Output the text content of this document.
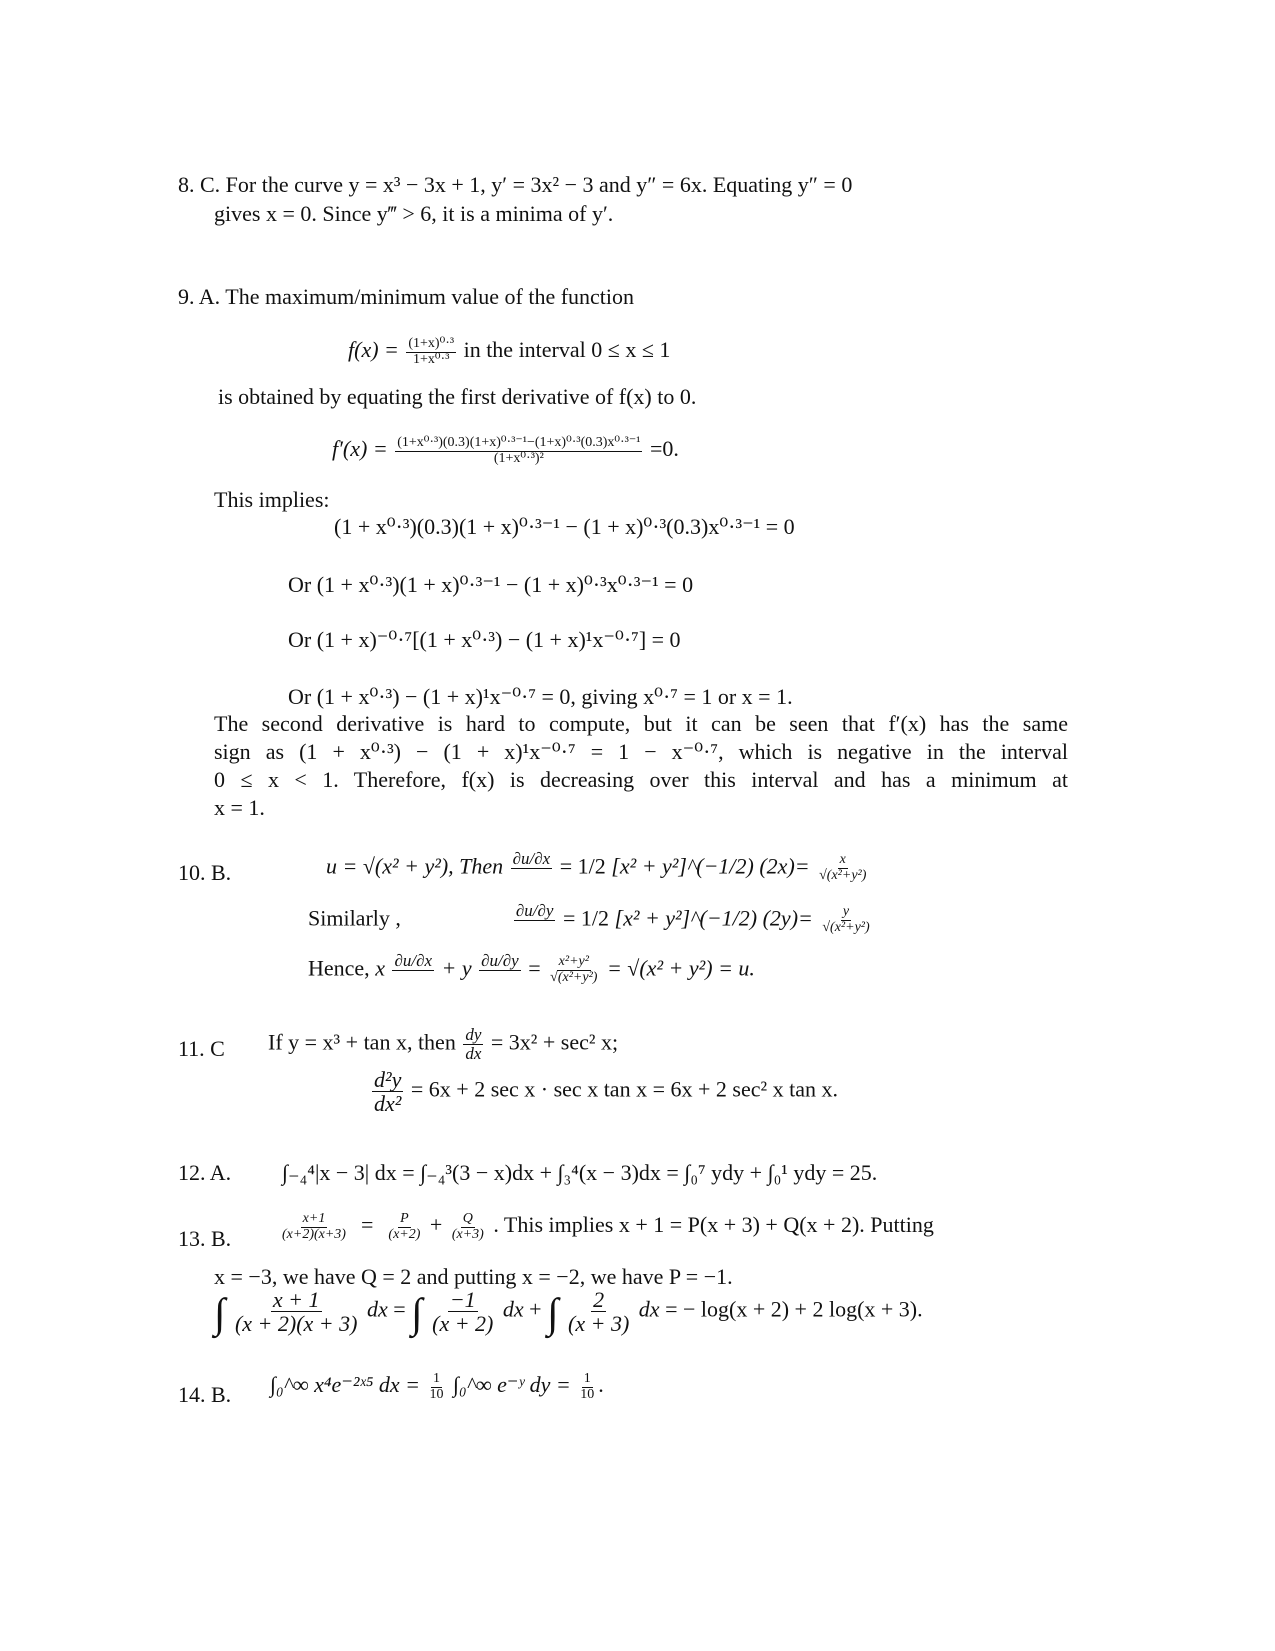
8. C. For the curve y = x³ − 3x + 1, y′ = 3x² − 3 and y″ = 6x. Equating y″ = 0
gives x = 0. Since y‴ > 6, it is a minima of y′.
9. A. The maximum/minimum value of the function
$f(x) = \frac{\text{(1+x)⁰·³}}{\text{1+x⁰·³}}$ in the interval 0 ≤ x ≤ 1
is obtained by equating the first derivative of f(x) to 0.
$f'(x) = \frac{\text{(1+x⁰·³)(0.3)(1+x)⁰·³⁻¹−(1+x)⁰·³(0.3)x⁰·³⁻¹}}{\text{(1+x⁰·³)²}} =0$.
This implies:
(1 + x⁰·³)(0.3)(1 + x)⁰·³⁻¹ − (1 + x)⁰·³(0.3)x⁰·³⁻¹ = 0
Or (1 + x⁰·³)(1 + x)⁰·³⁻¹ − (1 + x)⁰·³x⁰·³⁻¹ = 0
Or (1 + x)⁻⁰·⁷[(1 + x⁰·³) − (1 + x)¹x⁻⁰·⁷] = 0
Or (1 + x⁰·³) − (1 + x)¹x⁻⁰·⁷ = 0, giving x⁰·⁷ = 1 or x = 1.
The second derivative is hard to compute, but it can be seen that f′(x) has the same
sign as (1 + x⁰·³) − (1 + x)¹x⁻⁰·⁷ = 1 − x⁻⁰·⁷, which is negative in the interval
0 ≤ x < 1. Therefore, f(x) is decreasing over this interval and has a minimum at
x = 1.
10. B.	u = √(x² + y²), Then ∂u/∂x
= 1/2 [x² + y²]^(−1/2) $(2x)= \frac{x}{\text{√(x²+y²)}}$
Similarly ,	∂u/∂y
= 1/2 [x² + y²]^(−1/2) $(2y)= \frac{y}{\text{√(x²+y²)}}$
Hence, x ∂u/∂x
+ y ∂u/∂y
= $\frac{\text{x²+y²}}{\text{√(x²+y²)}} = √(x^2 + y^2) = u$.
11. C If y = x³ + tan x, then $\frac{dy}{dx} = 3x^2 + \sec^2$ x;
$\frac{\text{d²y}}{\text{dx²}} = 6x + 2$ sec x · sec x tan x = 6x + 2 sec² x tan x.
12. A. ∫₋₄⁴|x − 3| dx = ∫₋₄³(3 − x)dx + ∫₃⁴(x − 3)dx = ∫₀⁷ ydy + ∫₀¹ ydy = 25.
13. B.	$\frac{x+1}{(x+2)(x+3)} = \frac{P}{(x+2)} + \frac{Q}{(x+3)}$ . This implies x + 1 = P(x + 3) + Q(x + 2). Putting
x = −3, we have Q = 2 and putting x = −2, we have P = −1.
∫ $\frac{x + 1}{(x + 2)(x + 3)}$ dx = ∫ $\frac{-1}{(x + 2)}$ dx + ∫ $\frac{2}{(x + 3)}$ dx = − log(x + 2) + 2 log(x + 3).
14. B. ∫₀^∞ x⁴e⁻²ˣ⁵ dx = $\frac{1}{10}$ ∫₀^∞ e⁻ʸ dy = $\frac{1}{10}$ .
